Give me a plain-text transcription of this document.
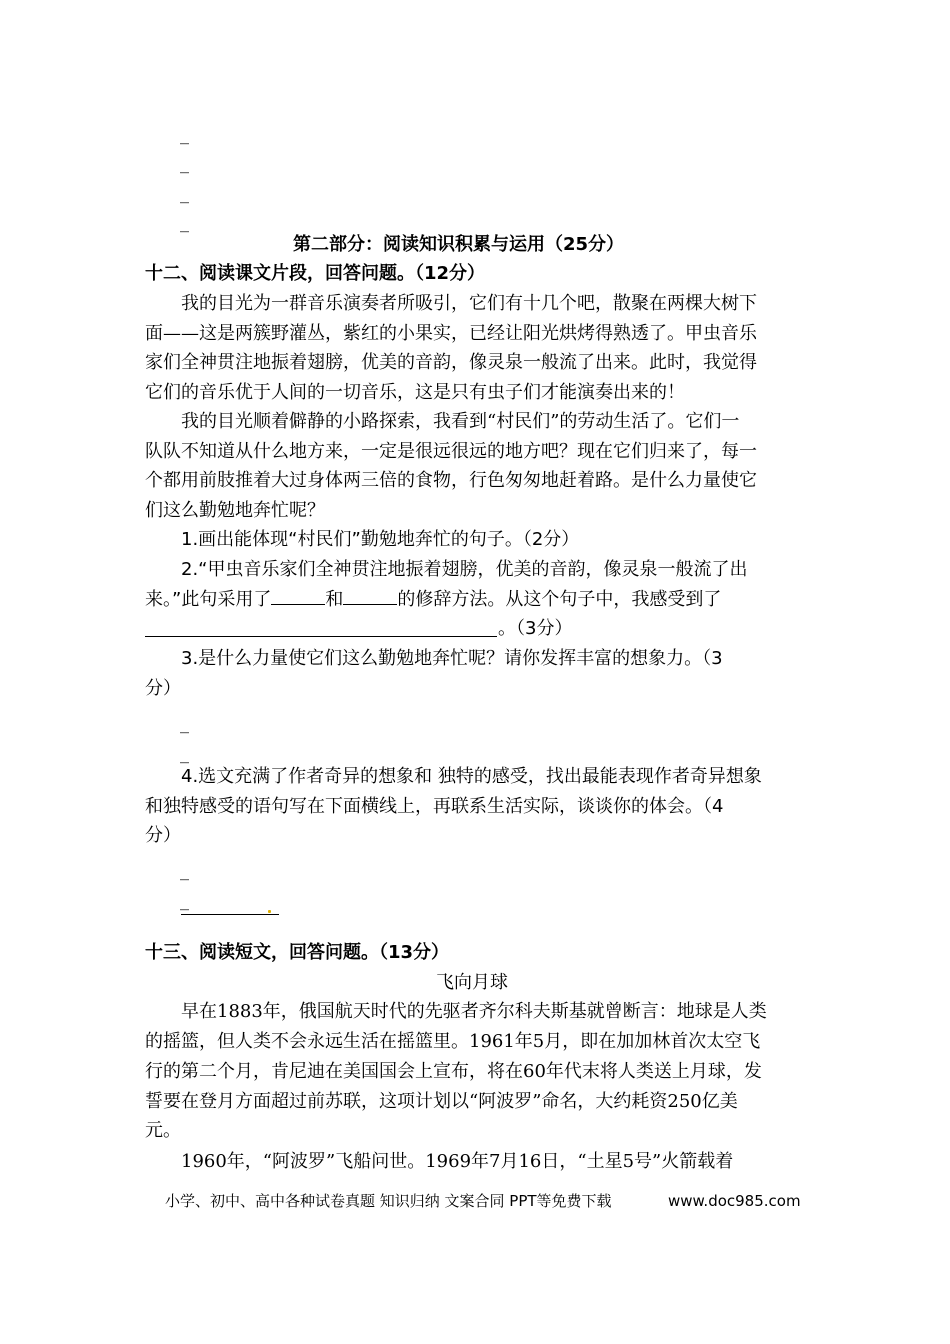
_
_
_
_
第二部分：阅读知识积累与运用（25分）
十二、阅读课文片段，回答问题。（12分）
我的目光为一群音乐演奏者所吸引，它们有十几个吧，散聚在两棵大树下
面——这是两簇野灌丛，紫红的小果实，已经让阳光烘烤得熟透了。甲虫音乐
家们全神贯注地振着翅膀，优美的音韵，像灵泉一般流了出来。此时，我觉得
它们的音乐优于人间的一切音乐，这是只有虫子们才能演奏出来的！
我的目光顺着僻静的小路探索，我看到“村民们”的劳动生活了。它们一
队队不知道从什么地方来，一定是很远很远的地方吧？现在它们归来了，每一
个都用前肢推着大过身体两三倍的食物，行色匆匆地赶着路。是什么力量使它
们这么勤勉地奔忙呢？
1.画出能体现“村民们”勤勉地奔忙的句子。（2分）
2.“甲虫音乐家们全神贯注地振着翅膀，优美的音韵，像灵泉一般流了出
来。”此句采用了	和	的修辞方法。从这个句子中，我感受到了
。（3分）
3.是什么力量使它们这么勤勉地奔忙呢？请你发挥丰富的想象力。（3
分）
_
_
4.选文充满了作者奇异的想象和 独特的感受，找出最能表现作者奇异想象
和独特感受的语句写在下面横线上，再联系生活实际，谈谈你的体会。（4
分）
_
_
十三、阅读短文，回答问题。（13分）
飞向月球
早在1883年，俄国航天时代的先驱者齐尔科夫斯基就曾断言：地球是人类
的摇篮，但人类不会永远生活在摇篮里。1961年5月，即在加加林首次太空飞
行的第二个月，肯尼迪在美国国会上宣布，将在60年代末将人类送上月球，发
誓要在登月方面超过前苏联，这项计划以“阿波罗”命名，大约耗资250亿美
元。
1960年，“阿波罗”飞船问世。1969年7月16日，“土星5号”火箭载着
小学、初中、高中各种试卷真题 知识归纳 文案合同 PPT等免费下载	www.doc985.com
